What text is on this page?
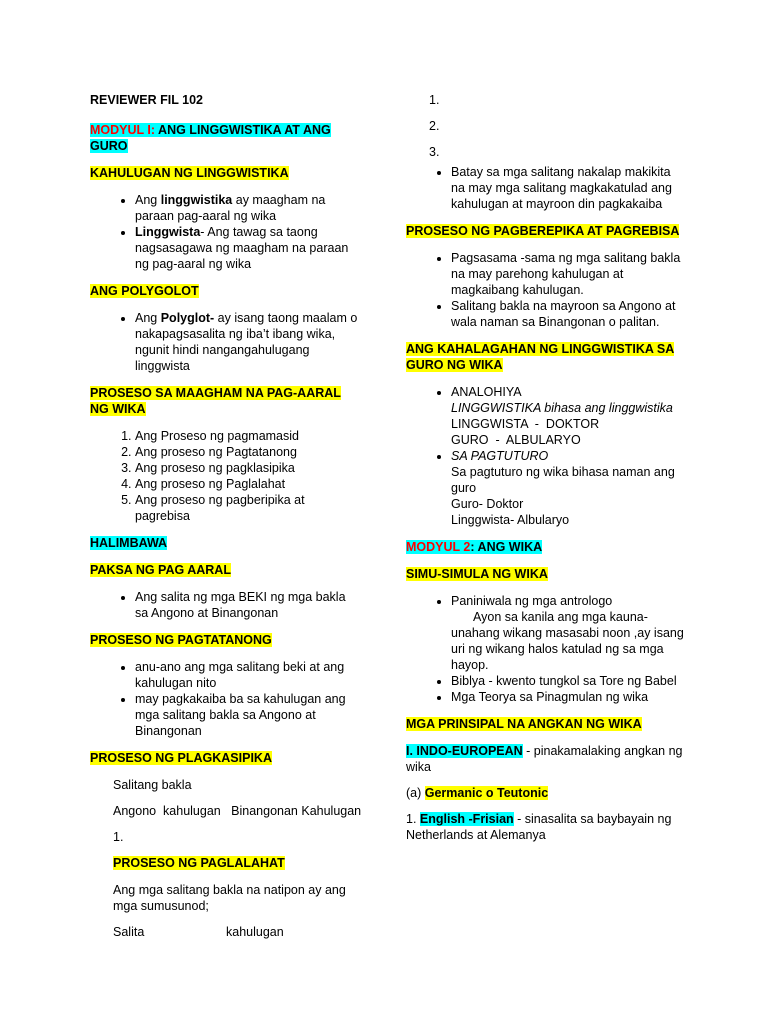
REVIEWER FIL 102

MODYUL I: ANG LINGGWISTIKA AT ANG GURO

KAHULUGAN NG LINGGWISTIKA

• Ang linggwistika ay maagham na paraan pag-aaral ng wika
• Linggwista- Ang tawag sa taong nagsasagawa ng maagham na paraan ng pag-aaral ng wika

ANG POLYGOLOT

• Ang Polyglot- ay isang taong maalam o nakapagsasalita ng iba’t ibang wika, ngunit hindi nangangahulugang linggwista

PROSESO SA MAAGHAM NA PAG-AARAL NG WIKA

1. Ang Proseso ng pagmamasid
2. Ang proseso ng Pagtatanong
3. Ang proseso ng pagklasipika
4. Ang proseso ng Paglalahat
5. Ang proseso ng pagberipika at pagrebisa

HALIMBAWA

PAKSA NG PAG AARAL

• Ang salita ng mga BEKI ng mga bakla sa Angono at Binangonan

PROSESO NG PAGTATANONG

• anu-ano ang mga salitang beki at ang kahulugan nito
• may pagkakaiba ba sa kahulugan ang mga salitang bakla sa Angono at Binangonan

PROSESO NG PLAGKASIPIKA

Salitang bakla

Angono  kahulugan   Binangonan Kahulugan

1.

PROSESO NG PAGLALAHAT

Ang mga salitang bakla na natipon ay ang mga sumusunod;

Salita	kahulugan

1.

2.

3.

• Batay sa mga salitang nakalap makikita na may mga salitang magkakatulad ang kahulugan at mayroon din pagkakaiba

PROSESO NG PAGBEREPIKA AT PAGREBISA

• Pagsasama -sama ng mga salitang bakla na may parehong kahulugan at magkaibang kahulugan.
• Salitang bakla na mayroon sa Angono at wala naman sa Binangonan o palitan.

ANG KAHALAGAHAN NG LINGGWISTIKA SA GURO NG WIKA

• ANALOHIYA
LINGGWISTIKA bihasa ang linggwistika
LINGGWISTA  -  DOKTOR
GURO  -  ALBULARYO
• SA PAGTUTURO
Sa pagtuturo ng wika bihasa naman ang guro
Guro- Doktor
Linggwista- Albularyo

MODYUL 2: ANG WIKA

SIMU-SIMULA NG WIKA

• Paniniwala ng mga antrologo
Ayon sa kanila ang mga kauna-unahang wikang masasabi noon ,ay isang uri ng wikang halos katulad ng sa mga hayop.
• Biblya - kwento tungkol sa Tore ng Babel
• Mga Teorya sa Pinagmulan ng wika

MGA PRINSIPAL NA ANGKAN NG WIKA

I. INDO-EUROPEAN - pinakamalaking angkan ng wika

(a) Germanic o Teutonic

1. English -Frisian - sinasalita sa baybayain ng Netherlands at Alemanya
